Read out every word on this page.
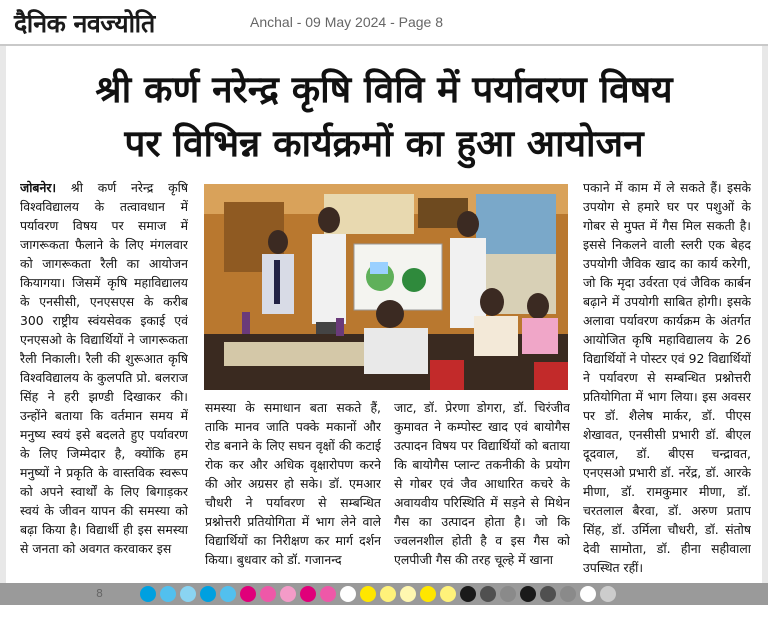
दैनिक नवज्योति	Anchal - 09 May 2024 - Page 8
श्री कर्ण नरेन्द्र कृषि विवि में पर्यावरण विषय
पर विभिन्न कार्यक्रमों का हुआ आयोजन
जोबनेर। श्री कर्ण नरेन्द्र कृषि विश्वविद्यालय के तत्वावधान में पर्यावरण विषय पर समाज में जागरूकता फैलाने के लिए मंगलवार को जागरूकता रैली का आयोजन कियागया। जिसमें कृषि महाविद्यालय के एनसीसी, एनएसएस के करीब 300 राष्ट्रीय स्वंयसेवक इकाई एवं एनएसओ के विद्यार्थियों ने जागरूकता रैली निकाली। रैली की शुरूआत कृषि विश्वविद्यालय के कुलपति प्रो. बलराज सिंह ने हरी झण्डी दिखाकर की। उन्होंने बताया कि वर्तमान समय में मनुष्य स्वयं इसे बदलते हुए पर्यावरण के लिए जिम्मेदार है, क्योंकि हम मनुष्यों ने प्रकृति के वास्तविक स्वरूप को अपने स्वार्थों के लिए बिगाड़कर स्वयं के जीवन यापन की समस्या को बढ़ा किया है। विद्यार्थी ही इस समस्या से जनता को अवगत करवाकर इस
समस्या के समाधान बता सकते हैं, ताकि मानव जाति पक्के मकानों और रोड बनाने के लिए सघन वृक्षों की कटाई रोक कर और अधिक वृक्षारोपण करने की ओर अग्रसर हो सके। डॉ. एमआर चौधरी ने पर्यावरण से सम्बन्धित प्रश्नोत्तरी प्रतियोगिता में भाग लेने वाले विद्यार्थियों का निरीक्षण कर मार्ग दर्शन किया। बुधवार को डॉ. गजानन्द
जाट, डॉ. प्रेरणा डोगरा, डॉ. चिरंजीव कुमावत ने कम्पोस्ट खाद एवं बायोगैस उत्पादन विषय पर विद्यार्थियों को बताया कि बायोगैस प्लान्ट तकनीकी के प्रयोग से गोबर एवं जैव आधारित कचरे के अवायवीय परिस्थिति में सड़ने से मिथेन गैस का उत्पादन होता है। जो कि ज्वलनशील होती है व इस गैस को एलपीजी गैस की तरह चूल्हे में खाना
पकाने में काम में ले सकते हैं। इसके उपयोग से हमारे घर पर पशुओं के गोबर से मुफ्त में गैस मिल सकती है। इससे निकलने वाली स्लरी एक बेहद उपयोगी जैविक खाद का कार्य करेगी, जो कि मृदा उर्वरता एवं जैविक कार्बन बढ़ाने में उपयोगी साबित होगी। इसके अलावा पर्यावरण कार्यक्रम के अंतर्गत आयोजित कृषि महाविद्यालय के 26 विद्यार्थियों ने पोस्टर एवं 92 विद्यार्थियों ने पर्यावरण से सम्बन्धित प्रश्नोत्तरी प्रतियोगिता में भाग लिया। इस अवसर पर डॉ. शैलेष मार्कर, डॉ. पीएस शेखावत, एनसीसी प्रभारी डॉ. बीएल दूदवाल, डॉ. बीएस चन्द्रावत, एनएसओ प्रभारी डॉ. नरेंद्र, डॉ. आरके मीणा, डॉ. रामकुमार मीणा, डॉ. चरतलाल बैरवा, डॉ. अरुण प्रताप सिंह, डॉ. उर्मिला चौधरी, डॉ. संतोष देवी सामोता, डॉ. हीना सहीवाला उपस्थित रहीं।
8
